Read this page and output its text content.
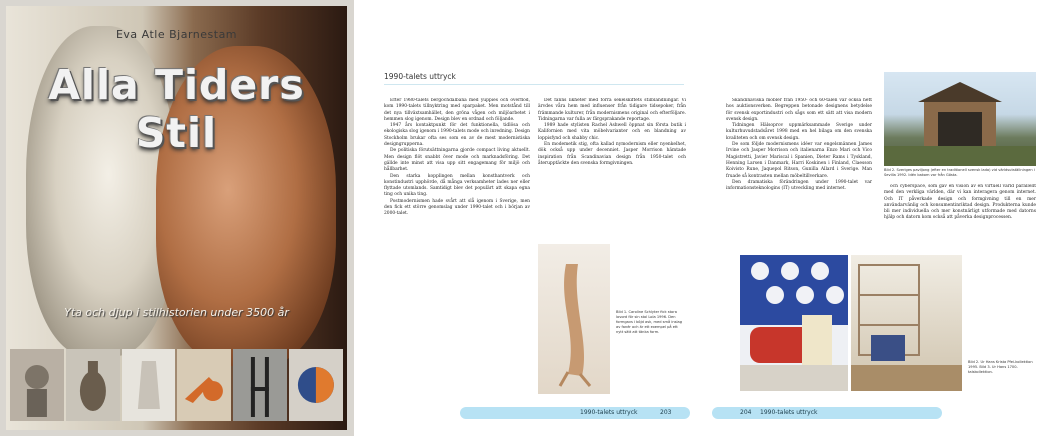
Eva Atle Bjarnestam
Alla Tiders Stil
Yta och djup i stilhistorien under 3500 år
1990-talets uttryck

Efter 1980-talets bergochdalbana med yuppies och överflöd, kom 1990-talets tillnyktring med sparpaket. Men motstånd till det nya tillväxtsamhället, den gröna vågen och miljöarbetet i hemmen slog igenom. Design blev en ordnad och följande.

1947 års kontaktpunkt för det funktionella, tidlösa och ekologiska slog igenom i 1990-talets mode och inredning. Design Stockholm brukar ofta ses som en av de mest modernistiska designgrupperna.

De politiska förutsättningarna gjorde compact living aktuellt. Men design flöt snabbt över mode och marknadsföring. Det gällde inte minst att visa upp sitt engagemang för miljö och hållbarhet.

Den starka kopplingen mellan konsthantverk och konstindustri upphörde, då många verksamheter lades ner eller flyttade utomlands. Samtidigt blev det populärt att skapa egna ting och unika ting.

Postmodernismen hade svårt att slå igenom i Sverige, men den fick ett större genomslag under 1990-talet och i början av 2000-talet.

Det fanns likheter med förra sekelskiftets stilblandningar. Vi ärvdes våra hem med influenser från tidigare tidsepoker, från främmande kulturer, från modernismens original och efterföljare. Tidningarna var fulla av färgsprakande reportage.

1989 hade stylisten Rachel Ashwell öppnat sin första butik i Kalifornien med vita möbelvarianter och en blandning av loppisfynd och shabby chic.

En modemetik stig, ofta kallad nymodernism eller nyenkelhet, dök också upp under decenniet. Jasper Morrison hämtade inspiration från Scandinavian design från 1950-talet och återupptäckte den svenska formgivningen.

Bild 1. Caroline Schlyter fick stora lovord för sin stol Lola 1996. Den formgavs i böjd ask, med små inslag av fanér och är ett exempel på ett nytt sätt att tänka form.
1990-talets uttryck	203

Skandinaviska möbler från 1950- och 60-talen var också hett hos auktionsverken. Begreppen betonade designens betydelse för svensk exportindustri och sågs som ett sätt att visa modern svensk design.

Tidningen Hälsoprov uppmärksammade Sverige under kulturhuvudstadsåret 1998 med en hel bilaga om den svenska kvaliteten och om svensk design.

De som följde modernismens idéer var engelsmännen James Irvine och Jasper Morrison och italienarna Enzo Mari och Vico Magistretti, Javier Mariscal i Spanien, Dieter Rams i Tyskland, Henning Larsen i Danmark, Harri Koskinen i Finland, Claesson Koivisto Rune, Jaquepol Ritson, Gunilla Allard i Sverige. Man fruade så kontrasten mellan möbeltillverkare.

Den dramatiska förändringen under 1990-talet var informationsteknologins (IT) utveckling med internet.

Bild 2. Sveriges paviljong (efter en traditionell svensk lada) vid världsutställningen i Sevilla 1992. Idén bakom var från Gösta.

och cyberspace, som gav en vision av en virtuell värld parallellt med den verkliga världen, där vi kan interagera genom internet. Och IT påverkade design och formgivning till en mer användarvänlig och konsumentinriktad design. Produkterna kunde bli mer individuella och mer konstnärligt utformade med datorns hjälp och datorn kom också att påverka designprocessen.

Bild 2. Ur Hans Krista Pfei-kollektion 1995. Bild 3. Ur Hans 1700-talskollektion.
204 1990-talets uttryck
